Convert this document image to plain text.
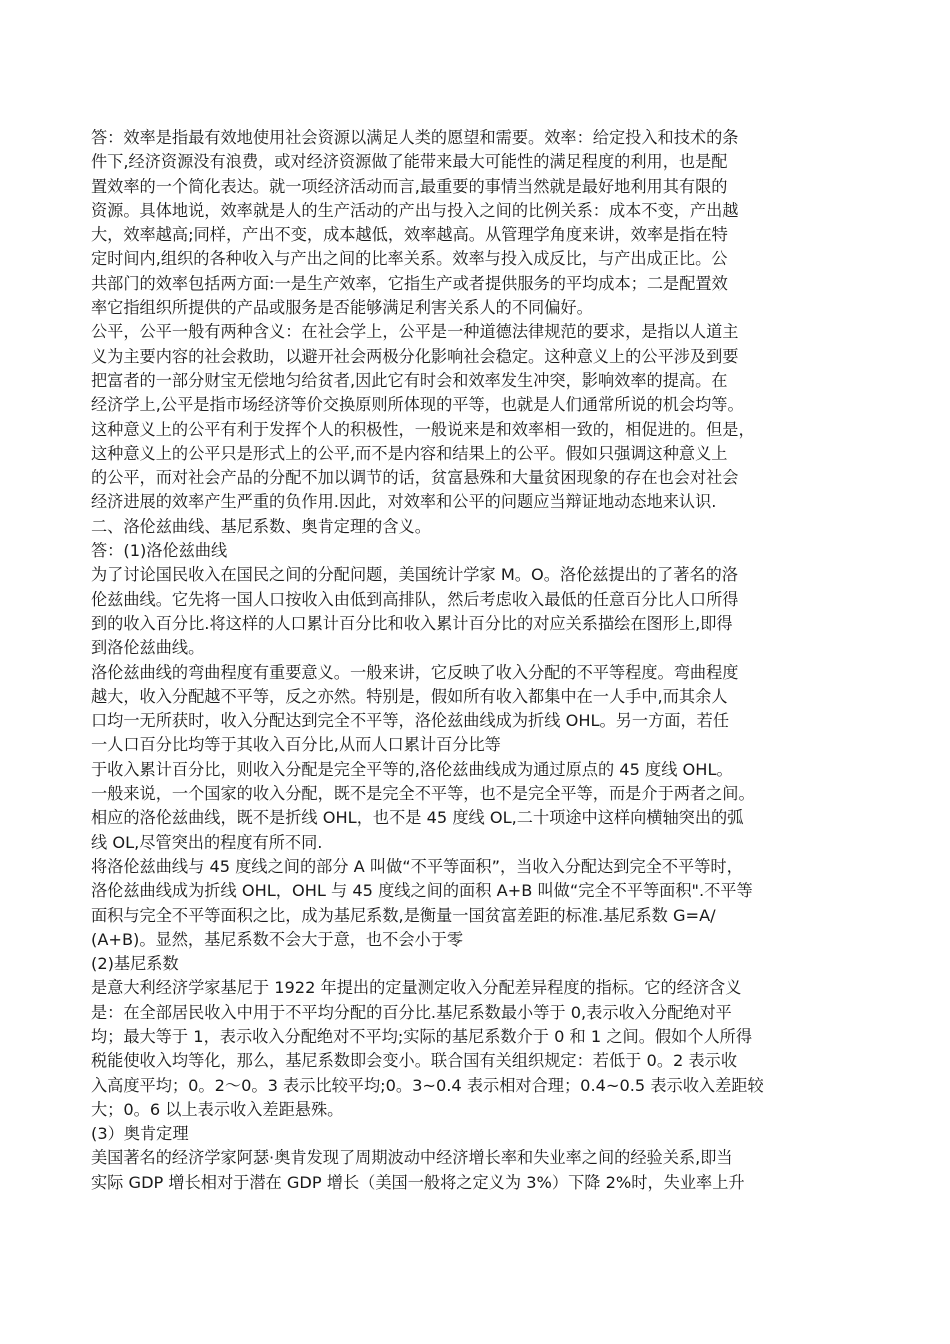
答：效率是指最有效地使用社会资源以满足人类的愿望和需要。效率：给定投入和技术的条
件下,经济资源没有浪费，或对经济资源做了能带来最大可能性的满足程度的利用，也是配
置效率的一个简化表达。就一项经济活动而言,最重要的事情当然就是最好地利用其有限的
资源。具体地说，效率就是人的生产活动的产出与投入之间的比例关系：成本不变，产出越
大，效率越高;同样，产出不变，成本越低，效率越高。从管理学角度来讲，效率是指在特
定时间内,组织的各种收入与产出之间的比率关系。效率与投入成反比，与产出成正比。公
共部门的效率包括两方面:一是生产效率，它指生产或者提供服务的平均成本；二是配置效
率它指组织所提供的产品或服务是否能够满足利害关系人的不同偏好。
公平，公平一般有两种含义：在社会学上，公平是一种道德法律规范的要求，是指以人道主
义为主要内容的社会救助，以避开社会两极分化影响社会稳定。这种意义上的公平涉及到要
把富者的一部分财宝无偿地匀给贫者,因此它有时会和效率发生冲突，影响效率的提高。在
经济学上,公平是指市场经济等价交换原则所体现的平等，也就是人们通常所说的机会均等。
这种意义上的公平有利于发挥个人的积极性，一般说来是和效率相一致的，相促进的。但是，
这种意义上的公平只是形式上的公平,而不是内容和结果上的公平。假如只强调这种意义上
的公平，而对社会产品的分配不加以调节的话，贫富悬殊和大量贫困现象的存在也会对社会
经济进展的效率产生严重的负作用.因此，对效率和公平的问题应当辩证地动态地来认识.
二、洛伦兹曲线、基尼系数、奥肯定理的含义。
答：(1)洛伦兹曲线
为了讨论国民收入在国民之间的分配问题，美国统计学家 M。O。洛伦兹提出的了著名的洛
伦兹曲线。它先将一国人口按收入由低到高排队，然后考虑收入最低的任意百分比人口所得
到的收入百分比.将这样的人口累计百分比和收入累计百分比的对应关系描绘在图形上,即得
到洛伦兹曲线。
洛伦兹曲线的弯曲程度有重要意义。一般来讲，它反映了收入分配的不平等程度。弯曲程度
越大，收入分配越不平等，反之亦然。特别是，假如所有收入都集中在一人手中,而其余人
口均一无所获时，收入分配达到完全不平等，洛伦兹曲线成为折线 OHL。另一方面，若任
一人口百分比均等于其收入百分比,从而人口累计百分比等
于收入累计百分比，则收入分配是完全平等的,洛伦兹曲线成为通过原点的 45 度线 OHL。
一般来说，一个国家的收入分配，既不是完全不平等，也不是完全平等，而是介于两者之间。
相应的洛伦兹曲线，既不是折线 OHL，也不是 45 度线 OL,二十项途中这样向横轴突出的弧
线 OL,尽管突出的程度有所不同.
将洛伦兹曲线与 45 度线之间的部分 A 叫做“不平等面积”，当收入分配达到完全不平等时，
洛伦兹曲线成为折线 OHL，OHL 与 45 度线之间的面积 A+B 叫做“完全不平等面积".不平等
面积与完全不平等面积之比，成为基尼系数,是衡量一国贫富差距的标准.基尼系数 G=A/
(A+B)。显然，基尼系数不会大于意，也不会小于零
(2)基尼系数
是意大利经济学家基尼于 1922 年提出的定量测定收入分配差异程度的指标。它的经济含义
是：在全部居民收入中用于不平均分配的百分比.基尼系数最小等于 0,表示收入分配绝对平
均；最大等于 1，表示收入分配绝对不平均;实际的基尼系数介于 0 和 1 之间。假如个人所得
税能使收入均等化，那么，基尼系数即会变小。联合国有关组织规定：若低于 0。2 表示收
入高度平均；0。2～0。3 表示比较平均;0。3~0.4 表示相对合理；0.4~0.5 表示收入差距较
大；0。6 以上表示收入差距悬殊。
(3）奥肯定理
美国著名的经济学家阿瑟·奥肯发现了周期波动中经济增长率和失业率之间的经验关系,即当
实际 GDP 增长相对于潜在 GDP 增长（美国一般将之定义为 3%）下降 2%时，失业率上升
